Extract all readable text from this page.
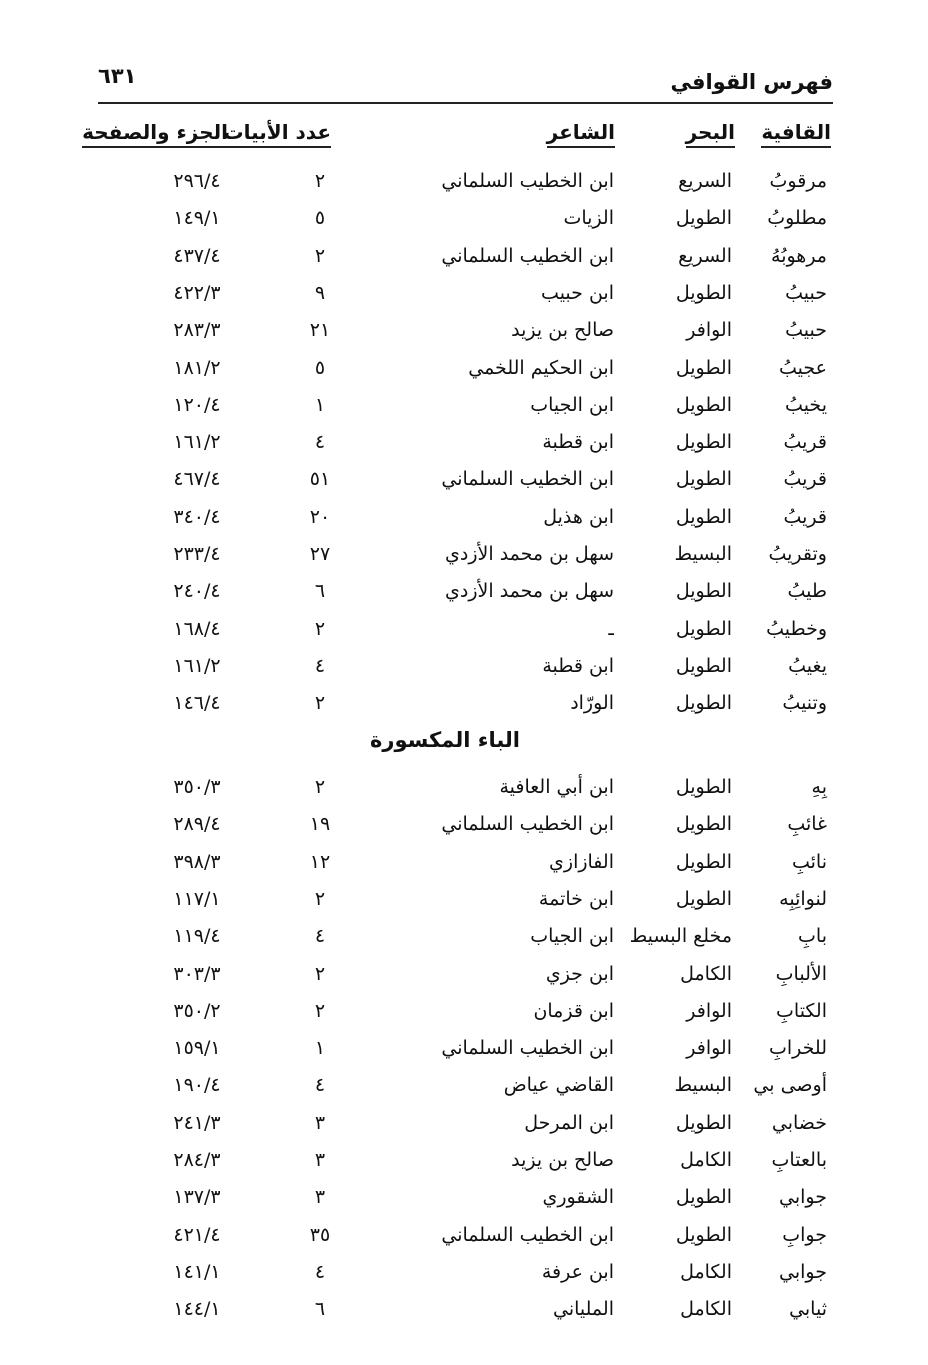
فهرس القوافي
٦٣١
القافية
البحر
الشاعر
عدد الأبيات
الجزء والصفحة
مرقوبُ
السريع
ابن الخطيب السلماني
٢
٢٩٦/٤
مطلوبُ
الطويل
الزيات
٥
١٤٩/١
مرهوبُهُ
السريع
ابن الخطيب السلماني
٢
٤٣٧/٤
حبيبُ
الطويل
ابن حبيب
٩
٤٢٢/٣
حبيبُ
الوافر
صالح بن يزيد
٢١
٢٨٣/٣
عجيبُ
الطويل
ابن الحكيم اللخمي
٥
١٨١/٢
يخيبُ
الطويل
ابن الجياب
١
١٢٠/٤
قريبُ
الطويل
ابن قطبة
٤
١٦١/٢
قريبُ
الطويل
ابن الخطيب السلماني
٥١
٤٦٧/٤
قريبُ
الطويل
ابن هذيل
٢٠
٣٤٠/٤
وتقريبُ
البسيط
سهل بن محمد الأزدي
٢٧
٢٣٣/٤
طيبُ
الطويل
سهل بن محمد الأزدي
٦
٢٤٠/٤
وخطيبُ
الطويل
ـ
٢
١٦٨/٤
يغيبُ
الطويل
ابن قطبة
٤
١٦١/٢
وتنيبُ
الطويل
الورّاد
٢
١٤٦/٤
الباء المكسورة
بِهِ
الطويل
ابن أبي العافية
٢
٣٥٠/٣
غائبِ
الطويل
ابن الخطيب السلماني
١٩
٢٨٩/٤
نائبِ
الطويل
الفازازي
١٢
٣٩٨/٣
لنوائِبِه
الطويل
ابن خاتمة
٢
١١٧/١
بابِ
مخلع البسيط
ابن الجياب
٤
١١٩/٤
الألبابِ
الكامل
ابن جزي
٢
٣٠٣/٣
الكتابِ
الوافر
ابن قزمان
٢
٣٥٠/٢
للخرابِ
الوافر
ابن الخطيب السلماني
١
١٥٩/١
أوصى بي
البسيط
القاضي عياض
٤
١٩٠/٤
خضابي
الطويل
ابن المرحل
٣
٢٤١/٣
بالعتابِ
الكامل
صالح بن يزيد
٣
٢٨٤/٣
جوابي
الطويل
الشقوري
٣
١٣٧/٣
جوابِ
الطويل
ابن الخطيب السلماني
٣٥
٤٢١/٤
جوابي
الكامل
ابن عرفة
٤
١٤١/١
ثيابي
الكامل
الملياني
٦
١٤٤/١
